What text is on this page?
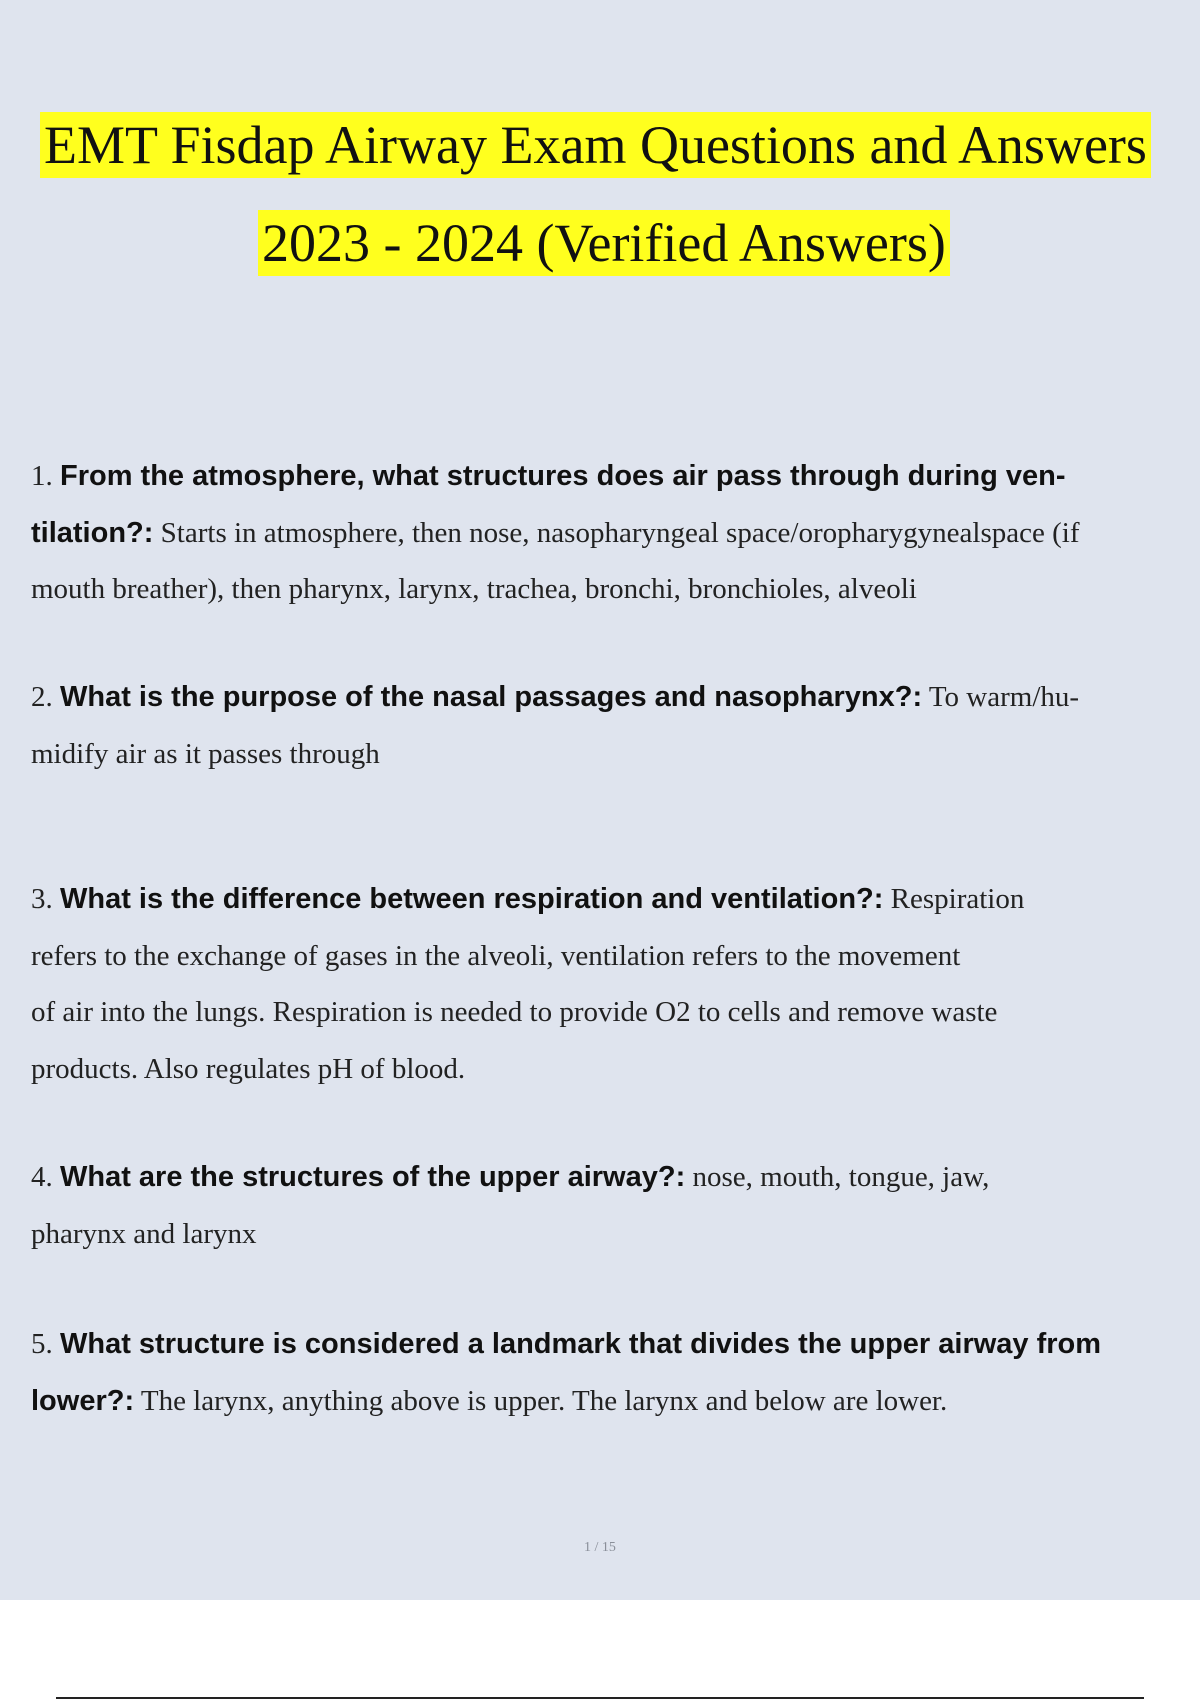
EMT Fisdap Airway Exam Questions and Answers
2023 - 2024 (Verified Answers)
1. From the atmosphere, what structures does air pass through during ven-
tilation?: Starts in atmosphere, then nose, nasopharyngeal space/oropharygynealspace (if
mouth breather), then pharynx, larynx, trachea, bronchi, bronchioles, alveoli
2. What is the purpose of the nasal passages and nasopharynx?: To warm/hu-
midify air as it passes through
3. What is the difference between respiration and ventilation?: Respiration
refers to the exchange of gases in the alveoli, ventilation refers to the movement
of air into the lungs. Respiration is needed to provide O2 to cells and remove waste
products. Also regulates pH of blood.
4. What are the structures of the upper airway?: nose, mouth, tongue, jaw,
pharynx and larynx
5. What structure is considered a landmark that divides the upper airway from
lower?: The larynx, anything above is upper. The larynx and below are lower.
1 / 15
